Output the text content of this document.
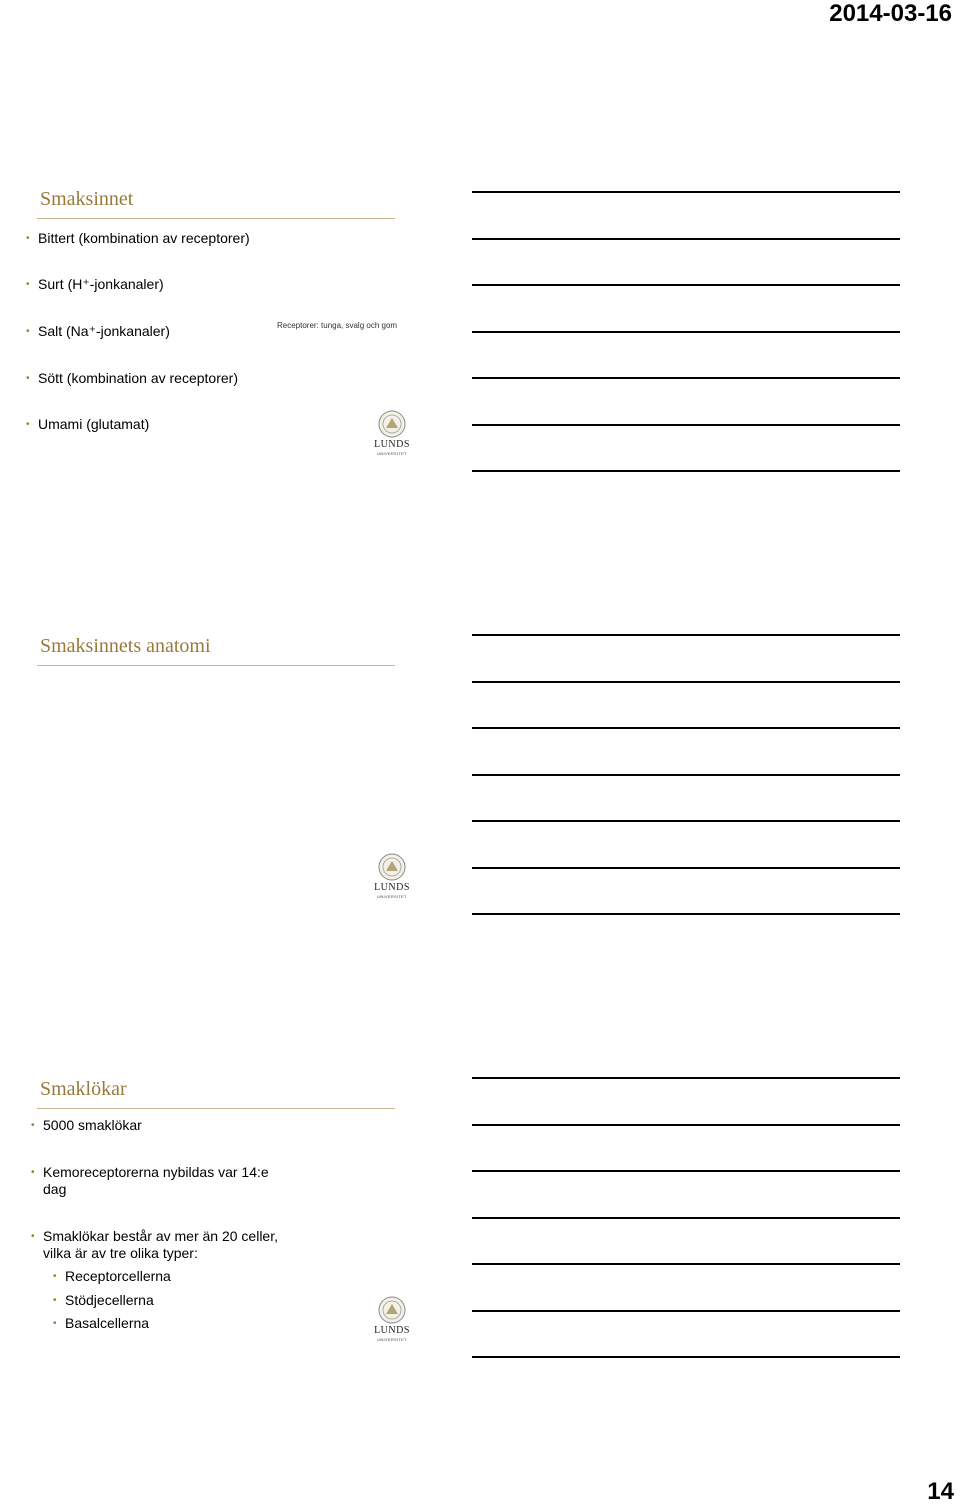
2014-03-16
Smaksinnet
• Bittert (kombination av receptorer)
• Surt (H⁺-jonkanaler)
• Salt (Na⁺-jonkanaler)
• Sött (kombination av receptorer)
• Umami (glutamat)
Receptorer: tunga, svalg och gom
LUNDS
UNIVERSITET
Smaksinnets anatomi
LUNDS
UNIVERSITET
Smaklökar
• 5000 smaklökar
• Kemoreceptorerna nybildas var 14:e dag
• Smaklökar består av mer än 20 celler, vilka är av tre olika typer:
• Receptorcellerna
• Stödjecellerna
• Basalcellerna	LUNDS
UNIVERSITET
14
